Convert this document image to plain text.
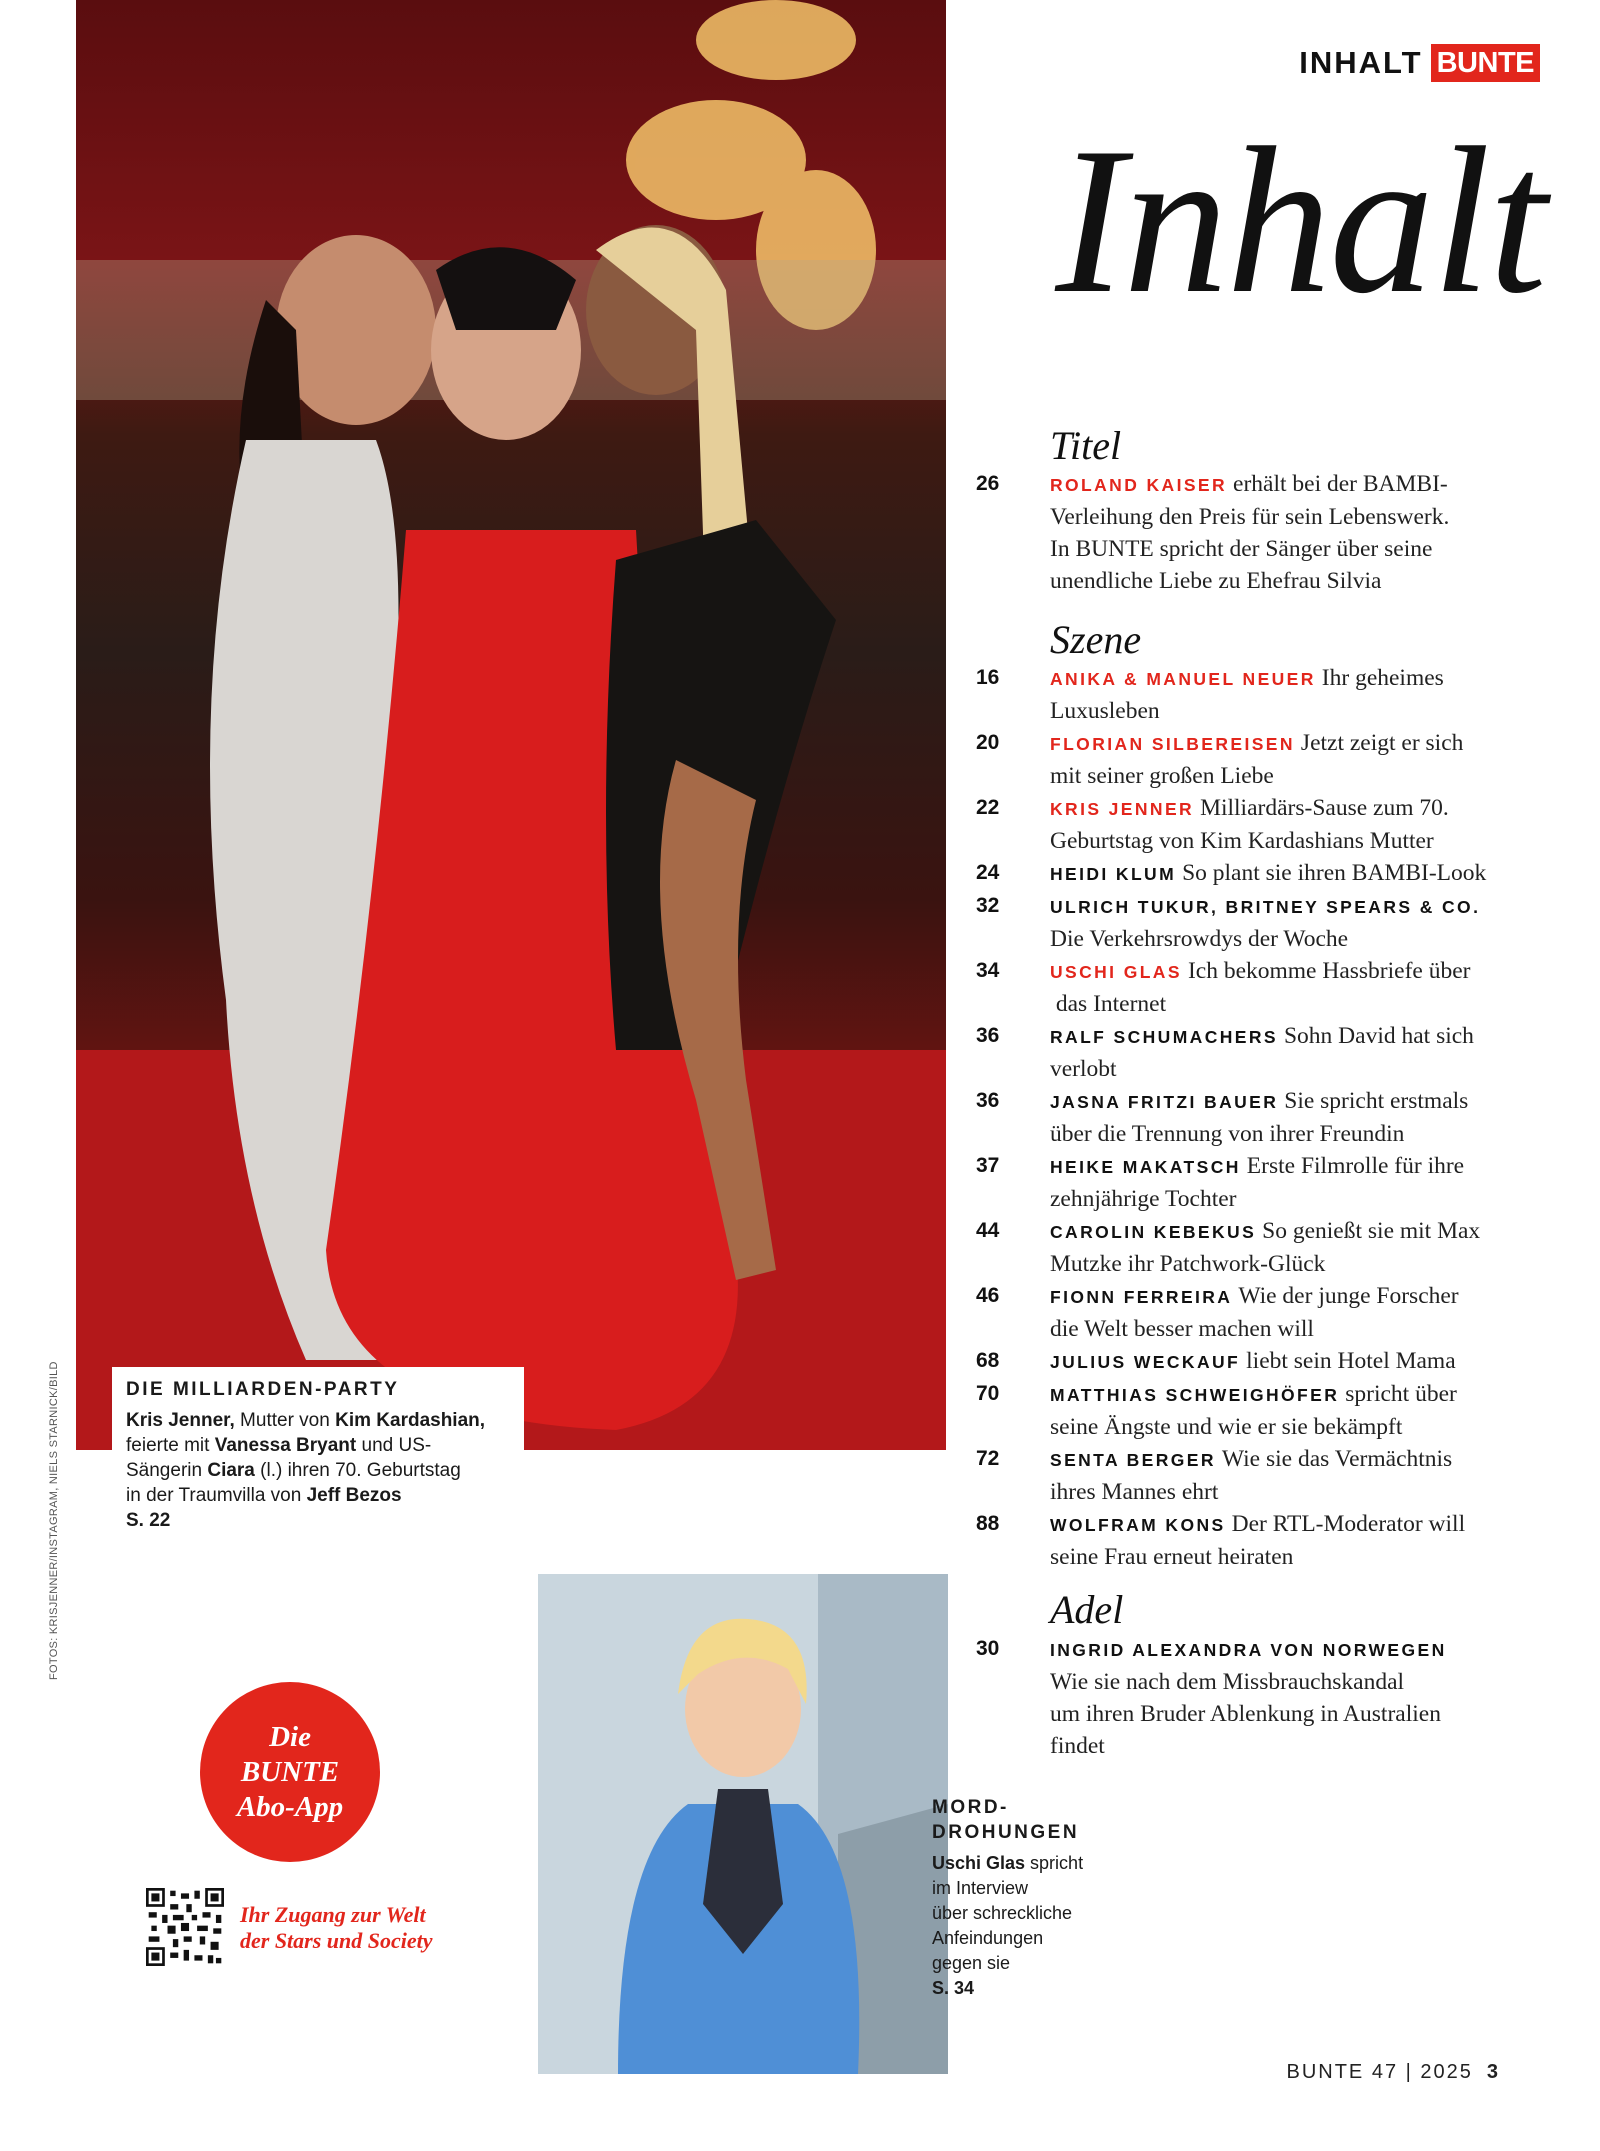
INHALT BUNTE
Inhalt
DIE MILLIARDEN-PARTY
Kris Jenner, Mutter von Kim Kardashian,
feierte mit Vanessa Bryant und US-
Sängerin Ciara (l.) ihren 70. Geburtstag
in der Traumvilla von Jeff Bezos
S. 22
MORD-
DROHUNGEN
Uschi Glas spricht
im Interview
über schreckliche
Anfeindungen
gegen sie
S. 34
FOTOS: KRISJENNER/INSTAGRAM, NIELS STARNICK/BILD
Die
BUNTE
Abo-App
Ihr Zugang zur Welt
der Stars und Society
Titel
26	ROLAND KAISER erhält bei der BAMBI-
Verleihung den Preis für sein Lebenswerk.
In BUNTE spricht der Sänger über seine
unendliche Liebe zu Ehefrau Silvia
Szene
16	ANIKA & MANUEL NEUER Ihr geheimes
Luxusleben
20	FLORIAN SILBEREISEN Jetzt zeigt er sich
mit seiner großen Liebe
22	KRIS JENNER Milliardärs-Sause zum 70.
Geburtstag von Kim Kardashians Mutter
24	HEIDI KLUM So plant sie ihren BAMBI-Look
32	ULRICH TUKUR, BRITNEY SPEARS & CO.
Die Verkehrsrowdys der Woche
34	USCHI GLAS Ich bekomme Hassbriefe über
das Internet
36	RALF SCHUMACHERS Sohn David hat sich
verlobt
36	JASNA FRITZI BAUER Sie spricht erstmals
über die Trennung von ihrer Freundin
37	HEIKE MAKATSCH Erste Filmrolle für ihre
zehnjährige Tochter
44	CAROLIN KEBEKUS So genießt sie mit Max
Mutzke ihr Patchwork-Glück
46	FIONN FERREIRA Wie der junge Forscher
die Welt besser machen will
68	JULIUS WECKAUF liebt sein Hotel Mama
70	MATTHIAS SCHWEIGHÖFER spricht über
seine Ängste und wie er sie bekämpft
72	SENTA BERGER Wie sie das Vermächtnis
ihres Mannes ehrt
88	WOLFRAM KONS Der RTL-Moderator will
seine Frau erneut heiraten
Adel
30	INGRID ALEXANDRA VON NORWEGEN
Wie sie nach dem Missbrauchskandal
um ihren Bruder Ablenkung in Australien
findet
BUNTE 47 | 2025 3
